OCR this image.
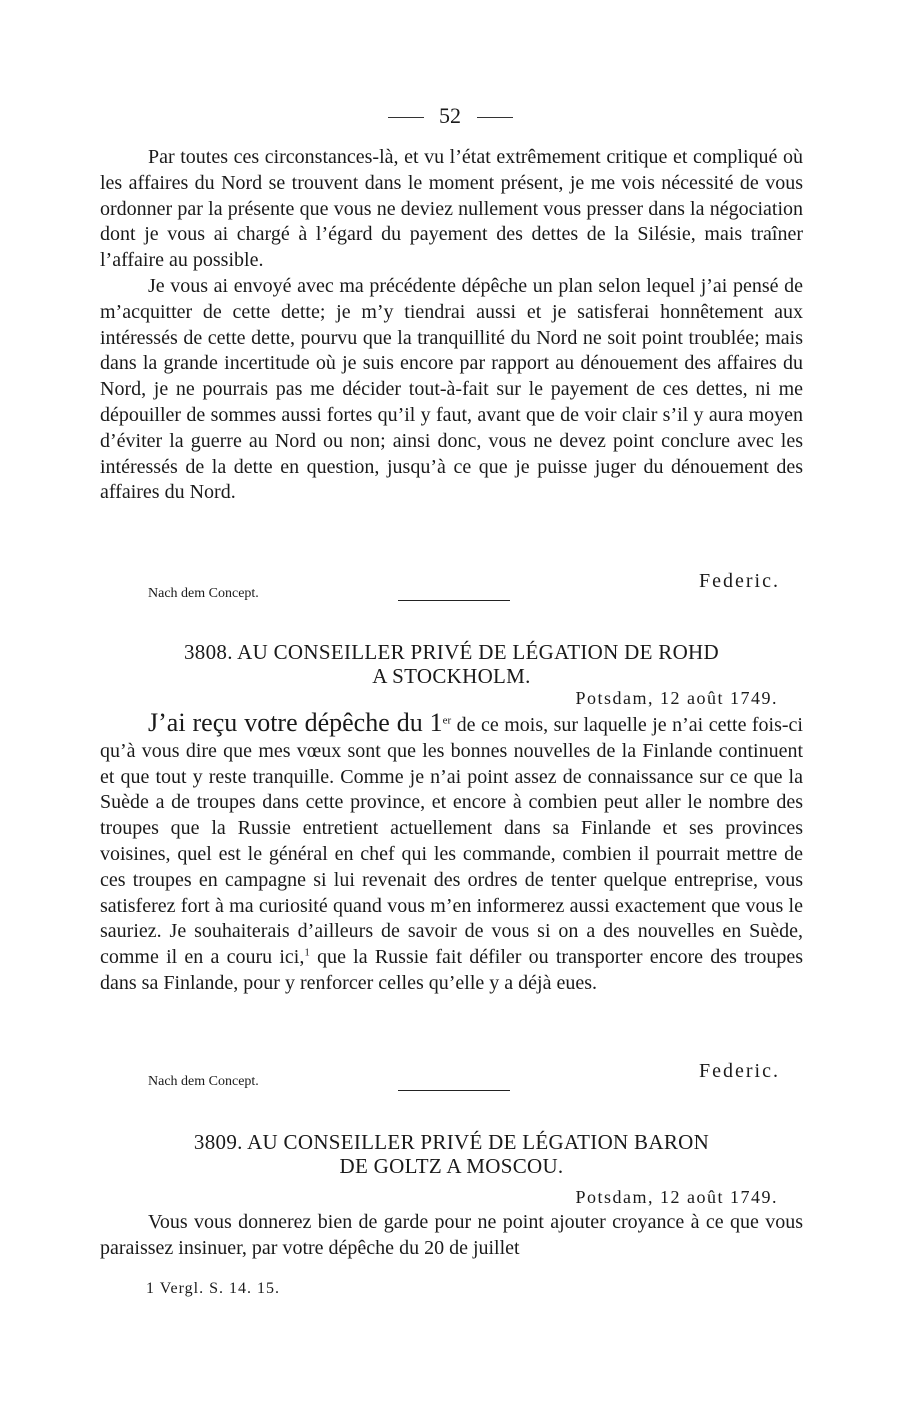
52

Par toutes ces circonstances-là, et vu l’état extrêmement critique et compliqué où les affaires du Nord se trouvent dans le moment présent, je me vois nécessité de vous ordonner par la présente que vous ne deviez nullement vous presser dans la négociation dont je vous ai chargé à l’égard du payement des dettes de la Silésie, mais traîner l’affaire au possible.

Je vous ai envoyé avec ma précédente dépêche un plan selon lequel j’ai pensé de m’acquitter de cette dette; je m’y tiendrai aussi et je satisferai honnêtement aux intéressés de cette dette, pourvu que la tranquillité du Nord ne soit point troublée; mais dans la grande incertitude où je suis encore par rapport au dénouement des affaires du Nord, je ne pourrais pas me décider tout-à-fait sur le payement de ces dettes, ni me dépouiller de sommes aussi fortes qu’il y faut, avant que de voir clair s’il y aura moyen d’éviter la guerre au Nord ou non; ainsi donc, vous ne devez point conclure avec les intéressés de la dette en question, jusqu’à ce que je puisse juger du dénouement des affaires du Nord.

Nach dem Concept.
Federic.
3808. AU CONSEILLER PRIVÉ DE LÉGATION DE ROHD
A STOCKHOLM.
Potsdam, 12 août 1749.

J’ai reçu votre dépêche du 1er de ce mois, sur laquelle je n’ai cette fois-ci qu’à vous dire que mes vœux sont que les bonnes nouvelles de la Finlande continuent et que tout y reste tranquille. Comme je n’ai point assez de connaissance sur ce que la Suède a de troupes dans cette province, et encore à combien peut aller le nombre des troupes que la Russie entretient actuellement dans sa Finlande et ses provinces voisines, quel est le général en chef qui les commande, combien il pourrait mettre de ces troupes en campagne si lui revenait des ordres de tenter quelque entreprise, vous satisferez fort à ma curiosité quand vous m’en informerez aussi exactement que vous le sauriez. Je souhaiterais d’ailleurs de savoir de vous si on a des nouvelles en Suède, comme il en a couru ici,$^1$ que la Russie fait défiler ou transporter encore des troupes dans sa Finlande, pour y renforcer celles qu’elle y a déjà eues.

Nach dem Concept.	Federic.
3809. AU CONSEILLER PRIVÉ DE LÉGATION BARON
DE GOLTZ A MOSCOU.
Potsdam, 12 août 1749.

Vous vous donnerez bien de garde pour ne point ajouter croyance à ce que vous paraissez insinuer, par votre dépêche du 20 de juillet

1 Vergl. S. 14. 15.
